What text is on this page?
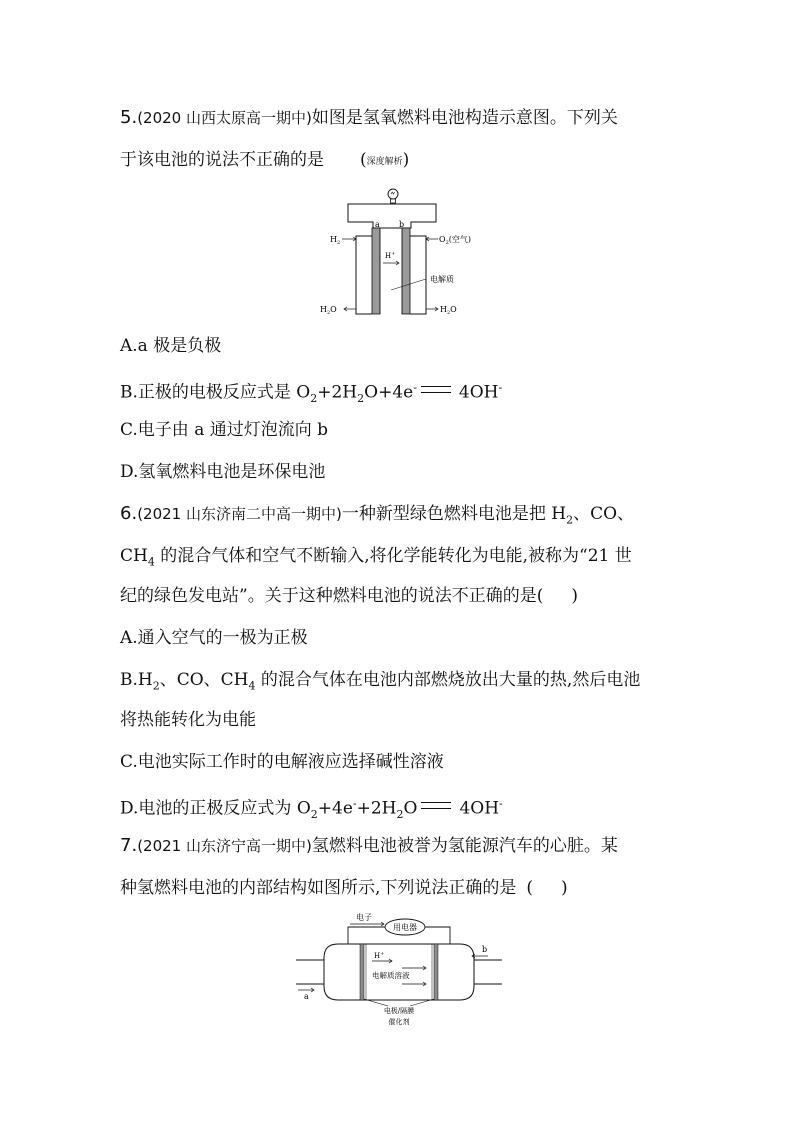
5.(2020 山西太原高一期中)如图是氢氧燃料电池构造示意图。下列关
于该电池的说法不正确的是 (深度解析)
a b
$H_2$	$O_2$(空气)
H+
电解质
$H_2O$	$H_2O$
A.a 极是负极
B.正极的电极反应式是 $O_2+2H_2O+4e^-$ 4OH-
C.电子由 a 通过灯泡流向 b
D.氢氧燃料电池是环保电池
6.(2021 山东济南二中高一期中)一种新型绿色燃料电池是把 $H_2$、CO、
$CH_4$ 的混合气体和空气不断输入,将化学能转化为电能,被称为“21 世
纪的绿色发电站”。关于这种燃料电池的说法不正确的是( )
A.通入空气的一极为正极
$B.H_2$、CO、$CH_4$ 的混合气体在电池内部燃烧放出大量的热,然后电池
将热能转化为电能
C.电池实际工作时的电解液应选择碱性溶液
D.电池的正极反应式为 $O_2+4e^-+2H_2O$ 4OH-
7.(2021 山东济宁高一期中)氢燃料电池被誉为氢能源汽车的心脏。某
种氢燃料电池的内部结构如图所示,下列说法正确的是 ( )
电子
用电器
H+
电解质溶液
a
b
电极/隔膜
催化剂
